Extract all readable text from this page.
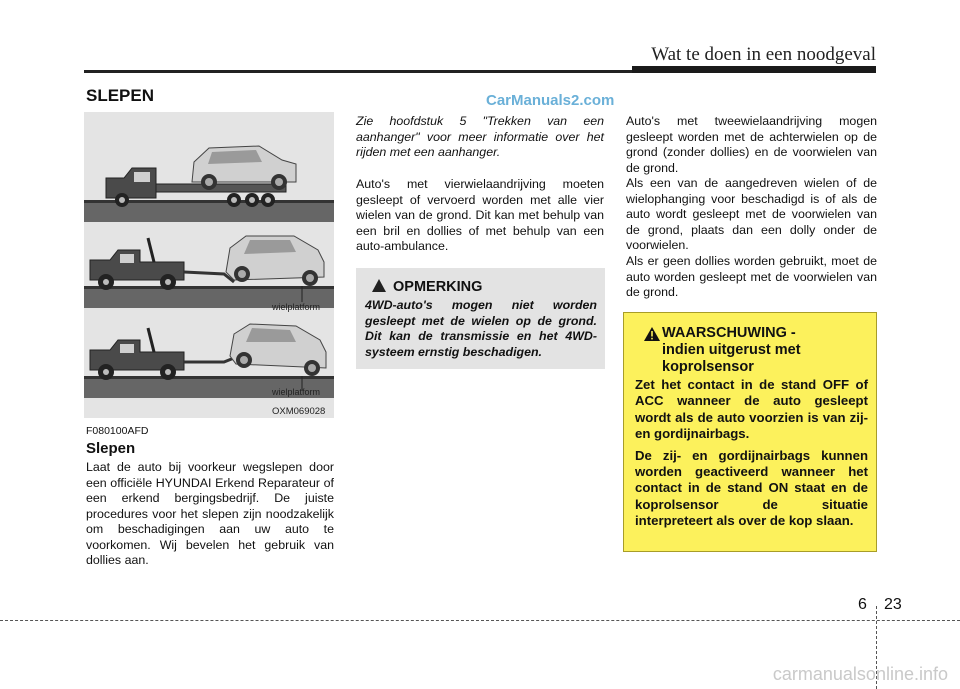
Wat te doen in een noodgeval
SLEPEN	CarManuals2.com
wielplatform
wielplatform
OXM069028
F080100AFD
Slepen
Laat de auto bij voorkeur wegslepen door een officiële HYUNDAI Erkend Reparateur of een erkend bergingsbedrijf. De juiste procedures voor het slepen zijn noodzakelijk om beschadigingen aan uw auto te voorkomen. Wij bevelen het gebruik van dollies aan.
Zie hoofdstuk 5 "Trekken van een aanhanger" voor meer informatie over het rijden met een aanhanger.
Auto's met vierwielaandrijving moeten gesleept of vervoerd worden met alle vier wielen van de grond. Dit kan met behulp van een bril en dollies of met behulp van een auto-ambulance.
OPMERKING
4WD-auto's mogen niet worden gesleept met de wielen op de grond. Dit kan de transmissie en het 4WD-systeem ernstig beschadigen.
Auto's met tweewielaandrijving mogen gesleept worden met de achterwielen op de grond (zonder dollies) en de voorwielen van de grond.
Als een van de aangedreven wielen of de wielophanging voor beschadigd is of als de auto wordt gesleept met de voorwielen van de grond, plaats dan een dolly onder de voorwielen.
Als er geen dollies worden gebruikt, moet de auto worden gesleept met de voorwielen van de grond.
WAARSCHUWING -
indien uitgerust met
koprolsensor

Zet het contact in de stand OFF of ACC wanneer de auto gesleept wordt als de auto voorzien is van zij- en gordijnairbags.

De zij- en gordijnairbags kunnen worden geactiveerd wanneer het contact in de stand ON staat en de koprolsensor de situatie interpreteert als over de kop slaan.

6 23
carmanualsonline.info
